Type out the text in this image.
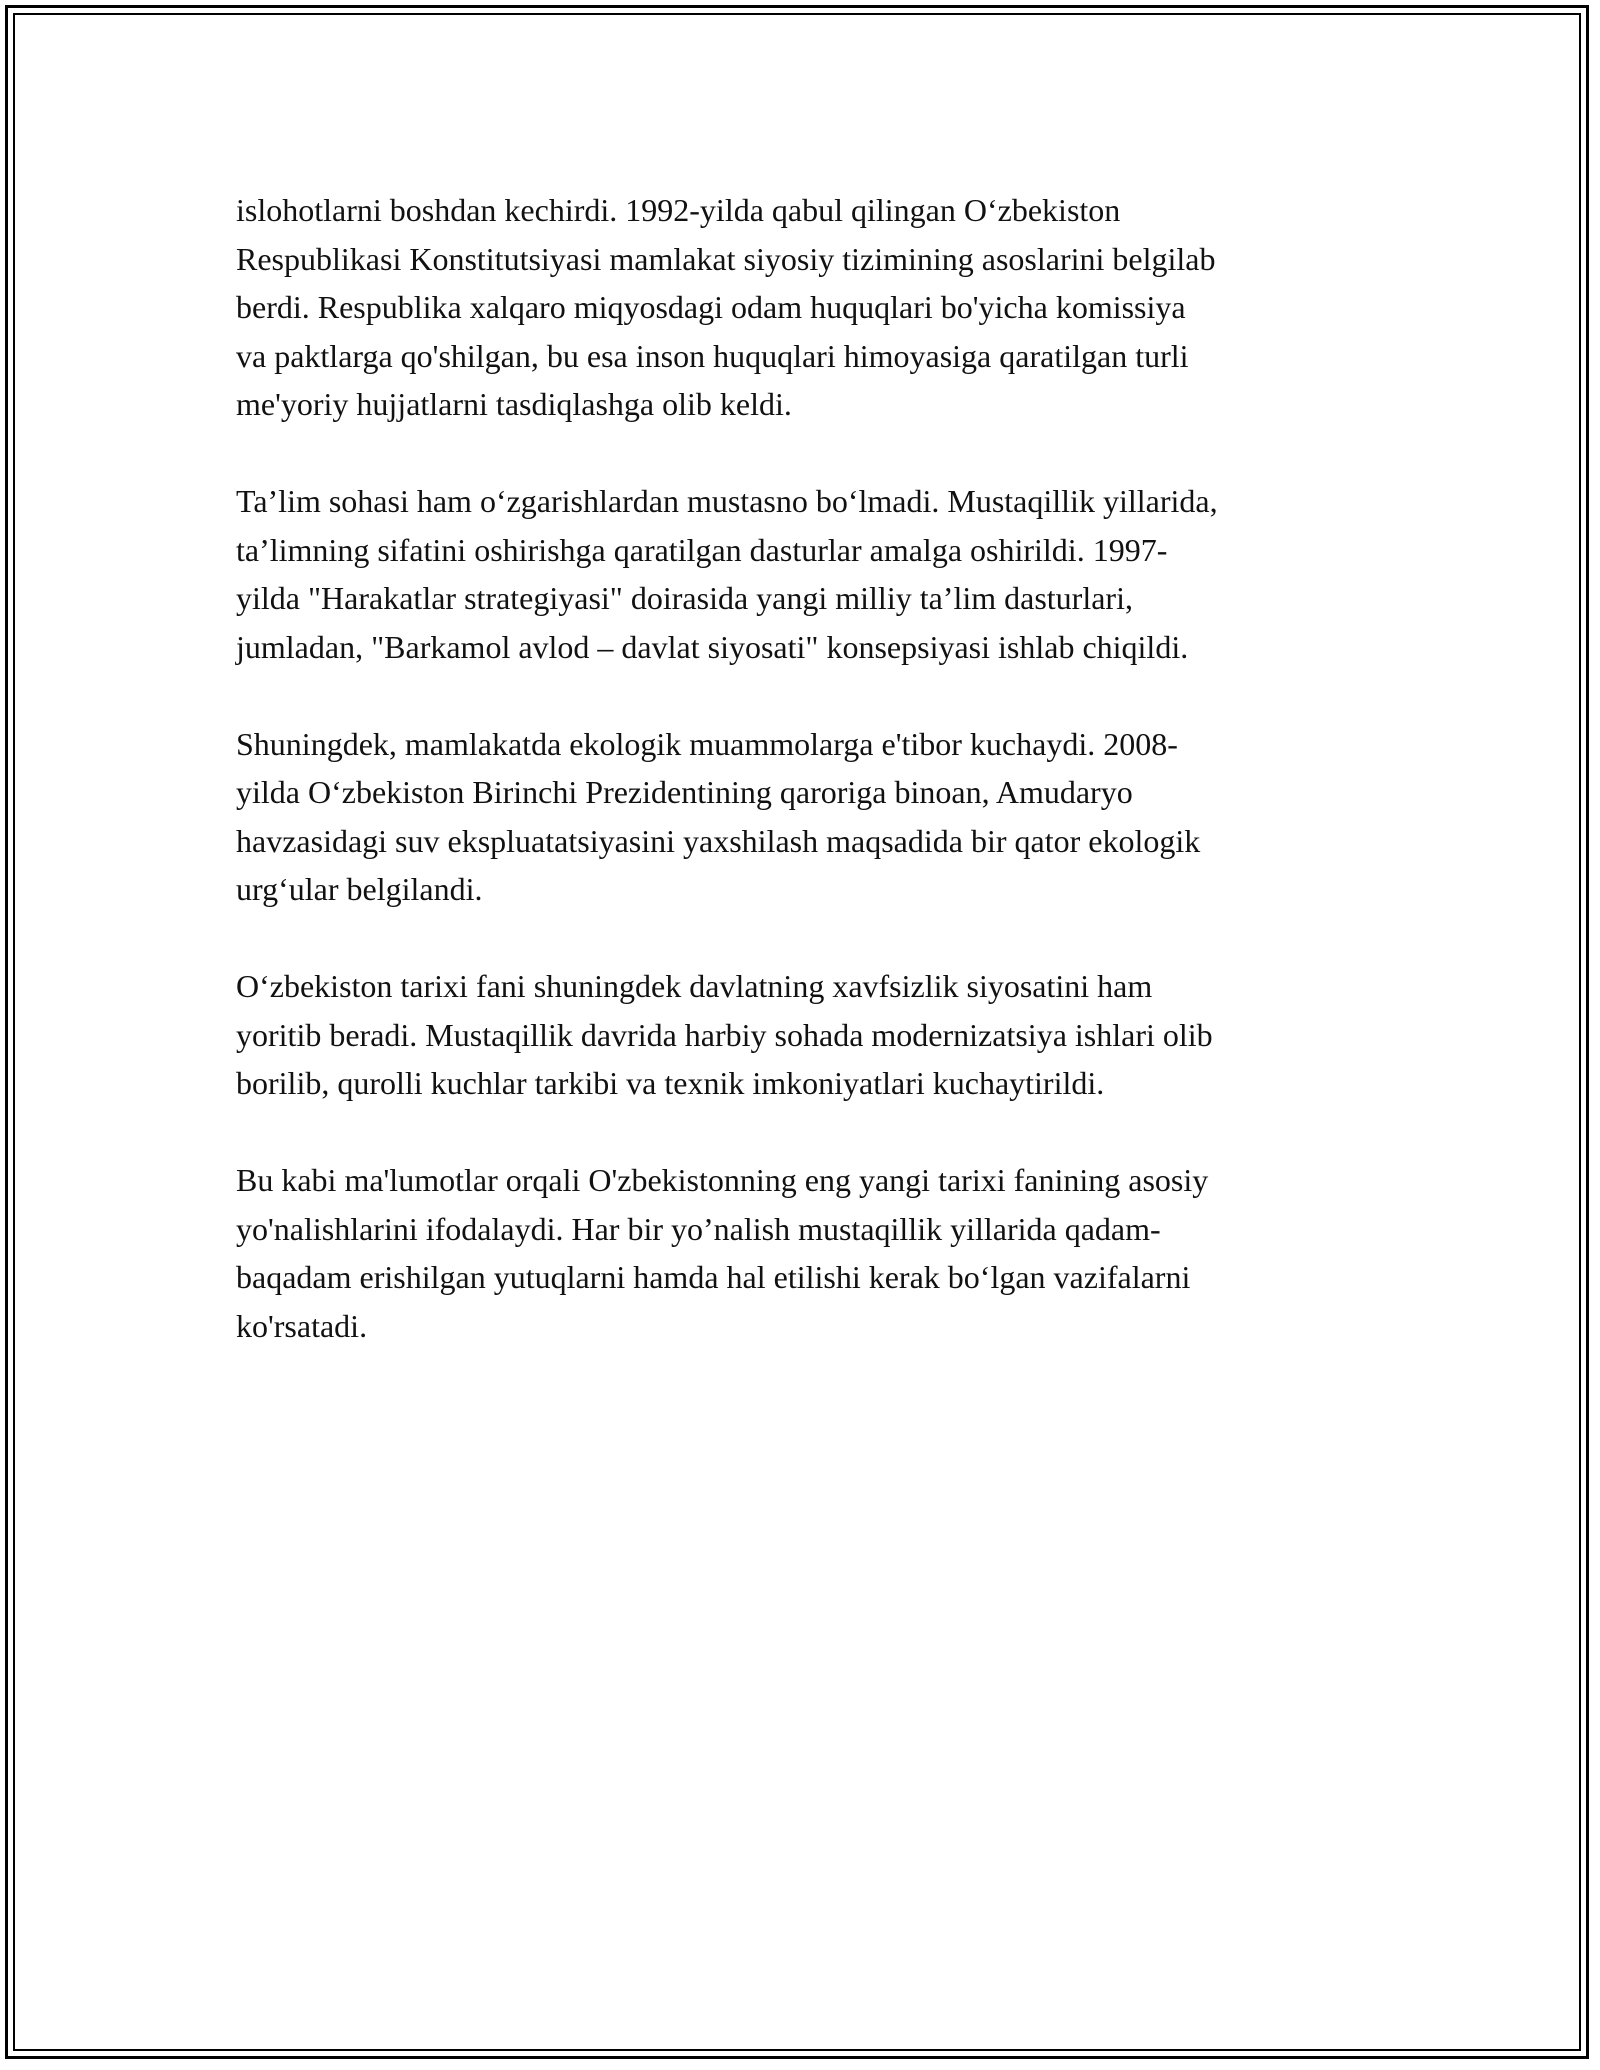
islohotlarni boshdan kechirdi. 1992-yilda qabul qilingan O‘zbekiston
Respublikasi Konstitutsiyasi mamlakat siyosiy tizimining asoslarini belgilab
berdi. Respublika xalqaro miqyosdagi odam huquqlari bo'yicha komissiya
va paktlarga qo'shilgan, bu esa inson huquqlari himoyasiga qaratilgan turli
me'yoriy hujjatlarni tasdiqlashga olib keldi.

Ta’lim sohasi ham o‘zgarishlardan mustasno bo‘lmadi. Mustaqillik yillarida,
ta’limning sifatini oshirishga qaratilgan dasturlar amalga oshirildi. 1997-
yilda "Harakatlar strategiyasi" doirasida yangi milliy ta’lim dasturlari,
jumladan, "Barkamol avlod – davlat siyosati" konsepsiyasi ishlab chiqildi.

Shuningdek, mamlakatda ekologik muammolarga e'tibor kuchaydi. 2008-
yilda O‘zbekiston Birinchi Prezidentining qaroriga binoan, Amudaryo
havzasidagi suv ekspluatatsiyasini yaxshilash maqsadida bir qator ekologik
urg‘ular belgilandi.

O‘zbekiston tarixi fani shuningdek davlatning xavfsizlik siyosatini ham
yoritib beradi. Mustaqillik davrida harbiy sohada modernizatsiya ishlari olib
borilib, qurolli kuchlar tarkibi va texnik imkoniyatlari kuchaytirildi.

Bu kabi ma'lumotlar orqali O'zbekistonning eng yangi tarixi fanining asosiy
yo'nalishlarini ifodalaydi. Har bir yo’nalish mustaqillik yillarida qadam-
baqadam erishilgan yutuqlarni hamda hal etilishi kerak bo‘lgan vazifalarni
ko'rsatadi.
